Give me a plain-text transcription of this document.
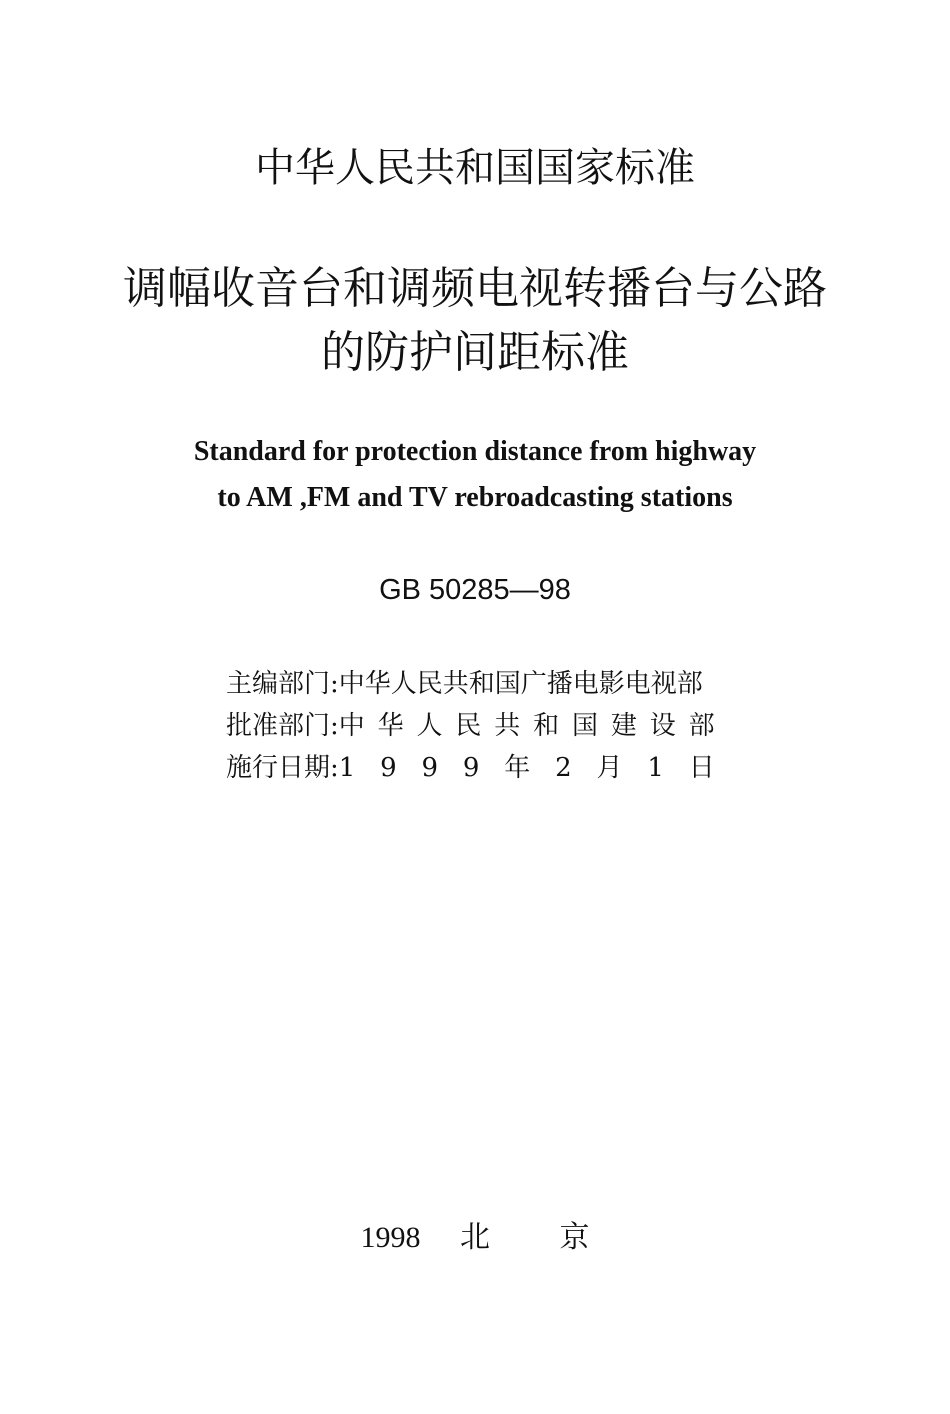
中华人民共和国国家标准
调幅收音台和调频电视转播台与公路
的防护间距标准
Standard for protection distance from highway
to AM ,FM and TV rebroadcasting stations
GB 50285—98
主编部门: 中华人民共和国广播电影电视部
批准部门: 中 华 人 民 共 和 国 建 设 部
施行日期: 1 9 9 9 年 2 月 1 日
1998 北 京
